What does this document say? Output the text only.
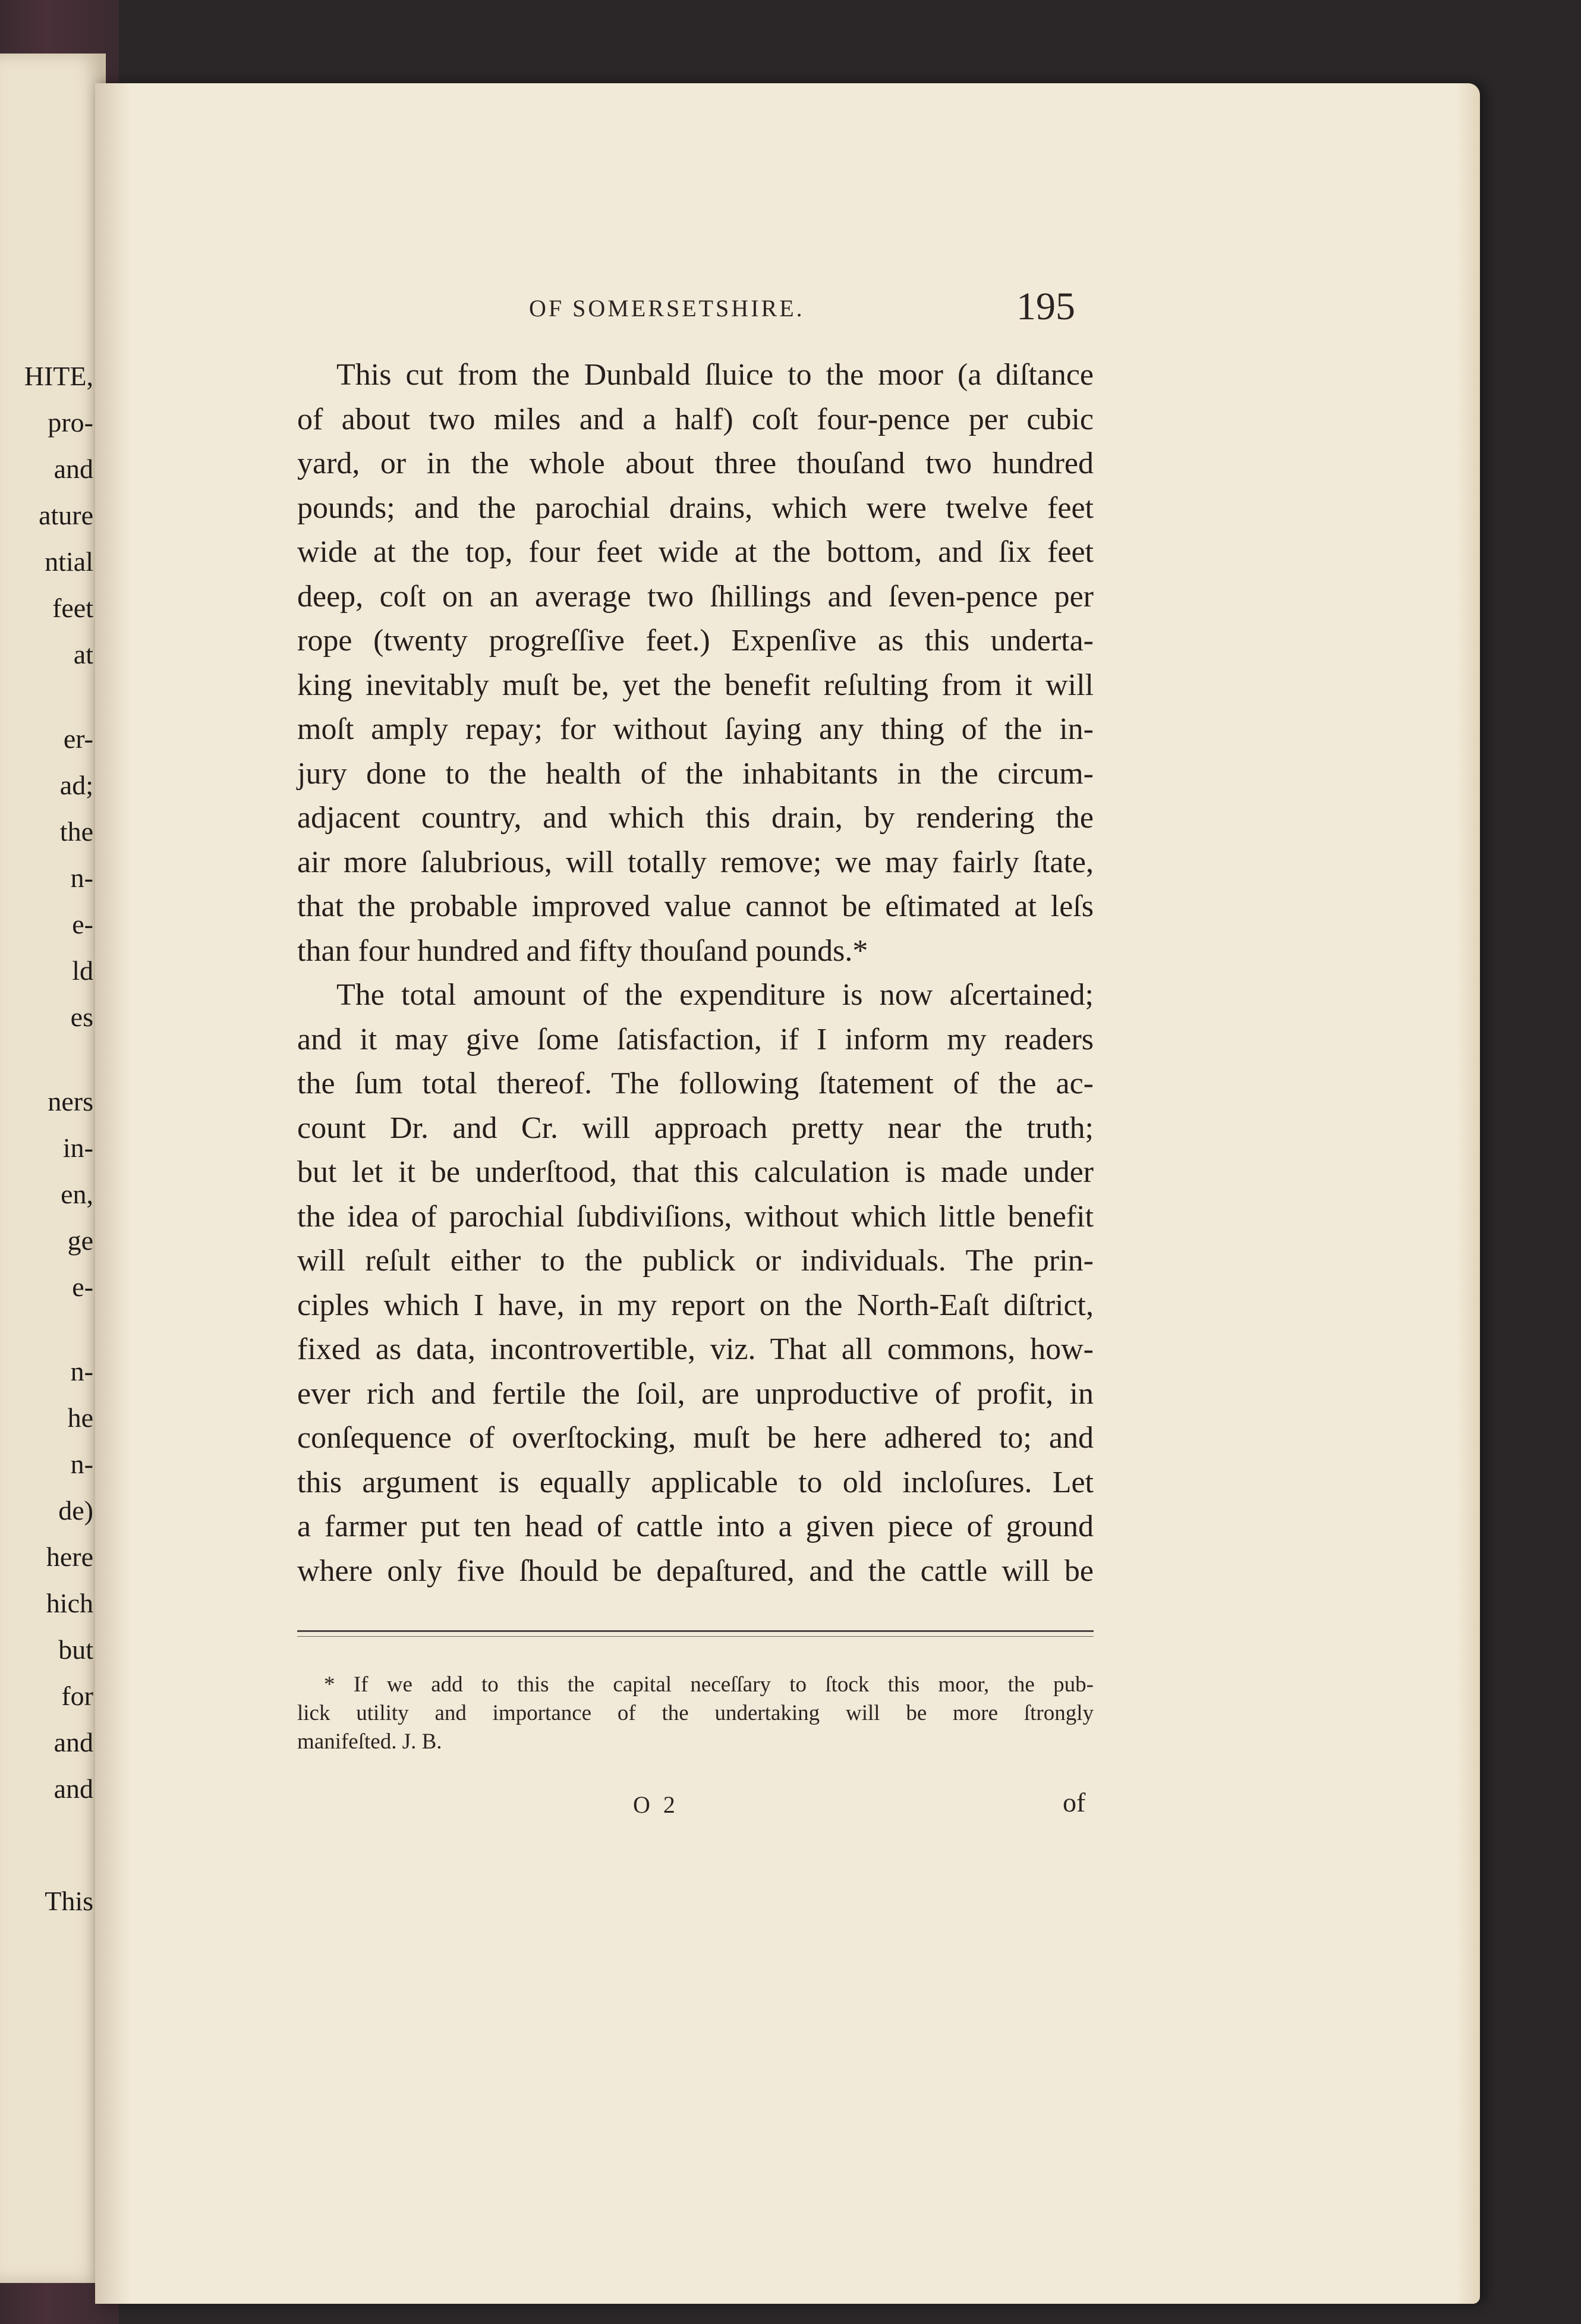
HITE,
pro-
and
ature
ntial
feet
at
er-
ad;
the
n-
e-
ld
es
ners
in-
en,
ge
e-
n-
he
n-
de)
here
hich
but
for
and
and
This
OF SOMERSETSHIRE.	195
This cut from the Dunbald ſluice to the moor (a diſtance
of about two miles and a half) coſt four-pence per cubic
yard, or in the whole about three thouſand two hundred
pounds; and the parochial drains, which were twelve feet
wide at the top, four feet wide at the bottom, and ſix feet
deep, coſt on an average two ſhillings and ſeven-pence per
rope (twenty progreſſive feet.) Expenſive as this underta-
king inevitably muſt be, yet the benefit reſulting from it will
moſt amply repay; for without ſaying any thing of the in-
jury done to the health of the inhabitants in the circum-
adjacent country, and which this drain, by rendering the
air more ſalubrious, will totally remove; we may fairly ſtate,
that the probable improved value cannot be eſtimated at leſs
than four hundred and fifty thouſand pounds.*
The total amount of the expenditure is now aſcertained;
and it may give ſome ſatisfaction, if I inform my readers
the ſum total thereof. The following ſtatement of the ac-
count Dr. and Cr. will approach pretty near the truth;
but let it be underſtood, that this calculation is made under
the idea of parochial ſubdiviſions, without which little benefit
will reſult either to the publick or individuals. The prin-
ciples which I have, in my report on the North-Eaſt diſtrict,
fixed as data, incontrovertible, viz. That all commons, how-
ever rich and fertile the ſoil, are unproductive of profit, in
conſequence of overſtocking, muſt be here adhered to; and
this argument is equally applicable to old incloſures. Let
a farmer put ten head of cattle into a given piece of ground
where only five ſhould be depaſtured, and the cattle will be
* If we add to this the capital neceſſary to ſtock this moor, the pub-
lick utility and importance of the undertaking will be more ſtrongly
manifeſted. J. B.
O 2	of
